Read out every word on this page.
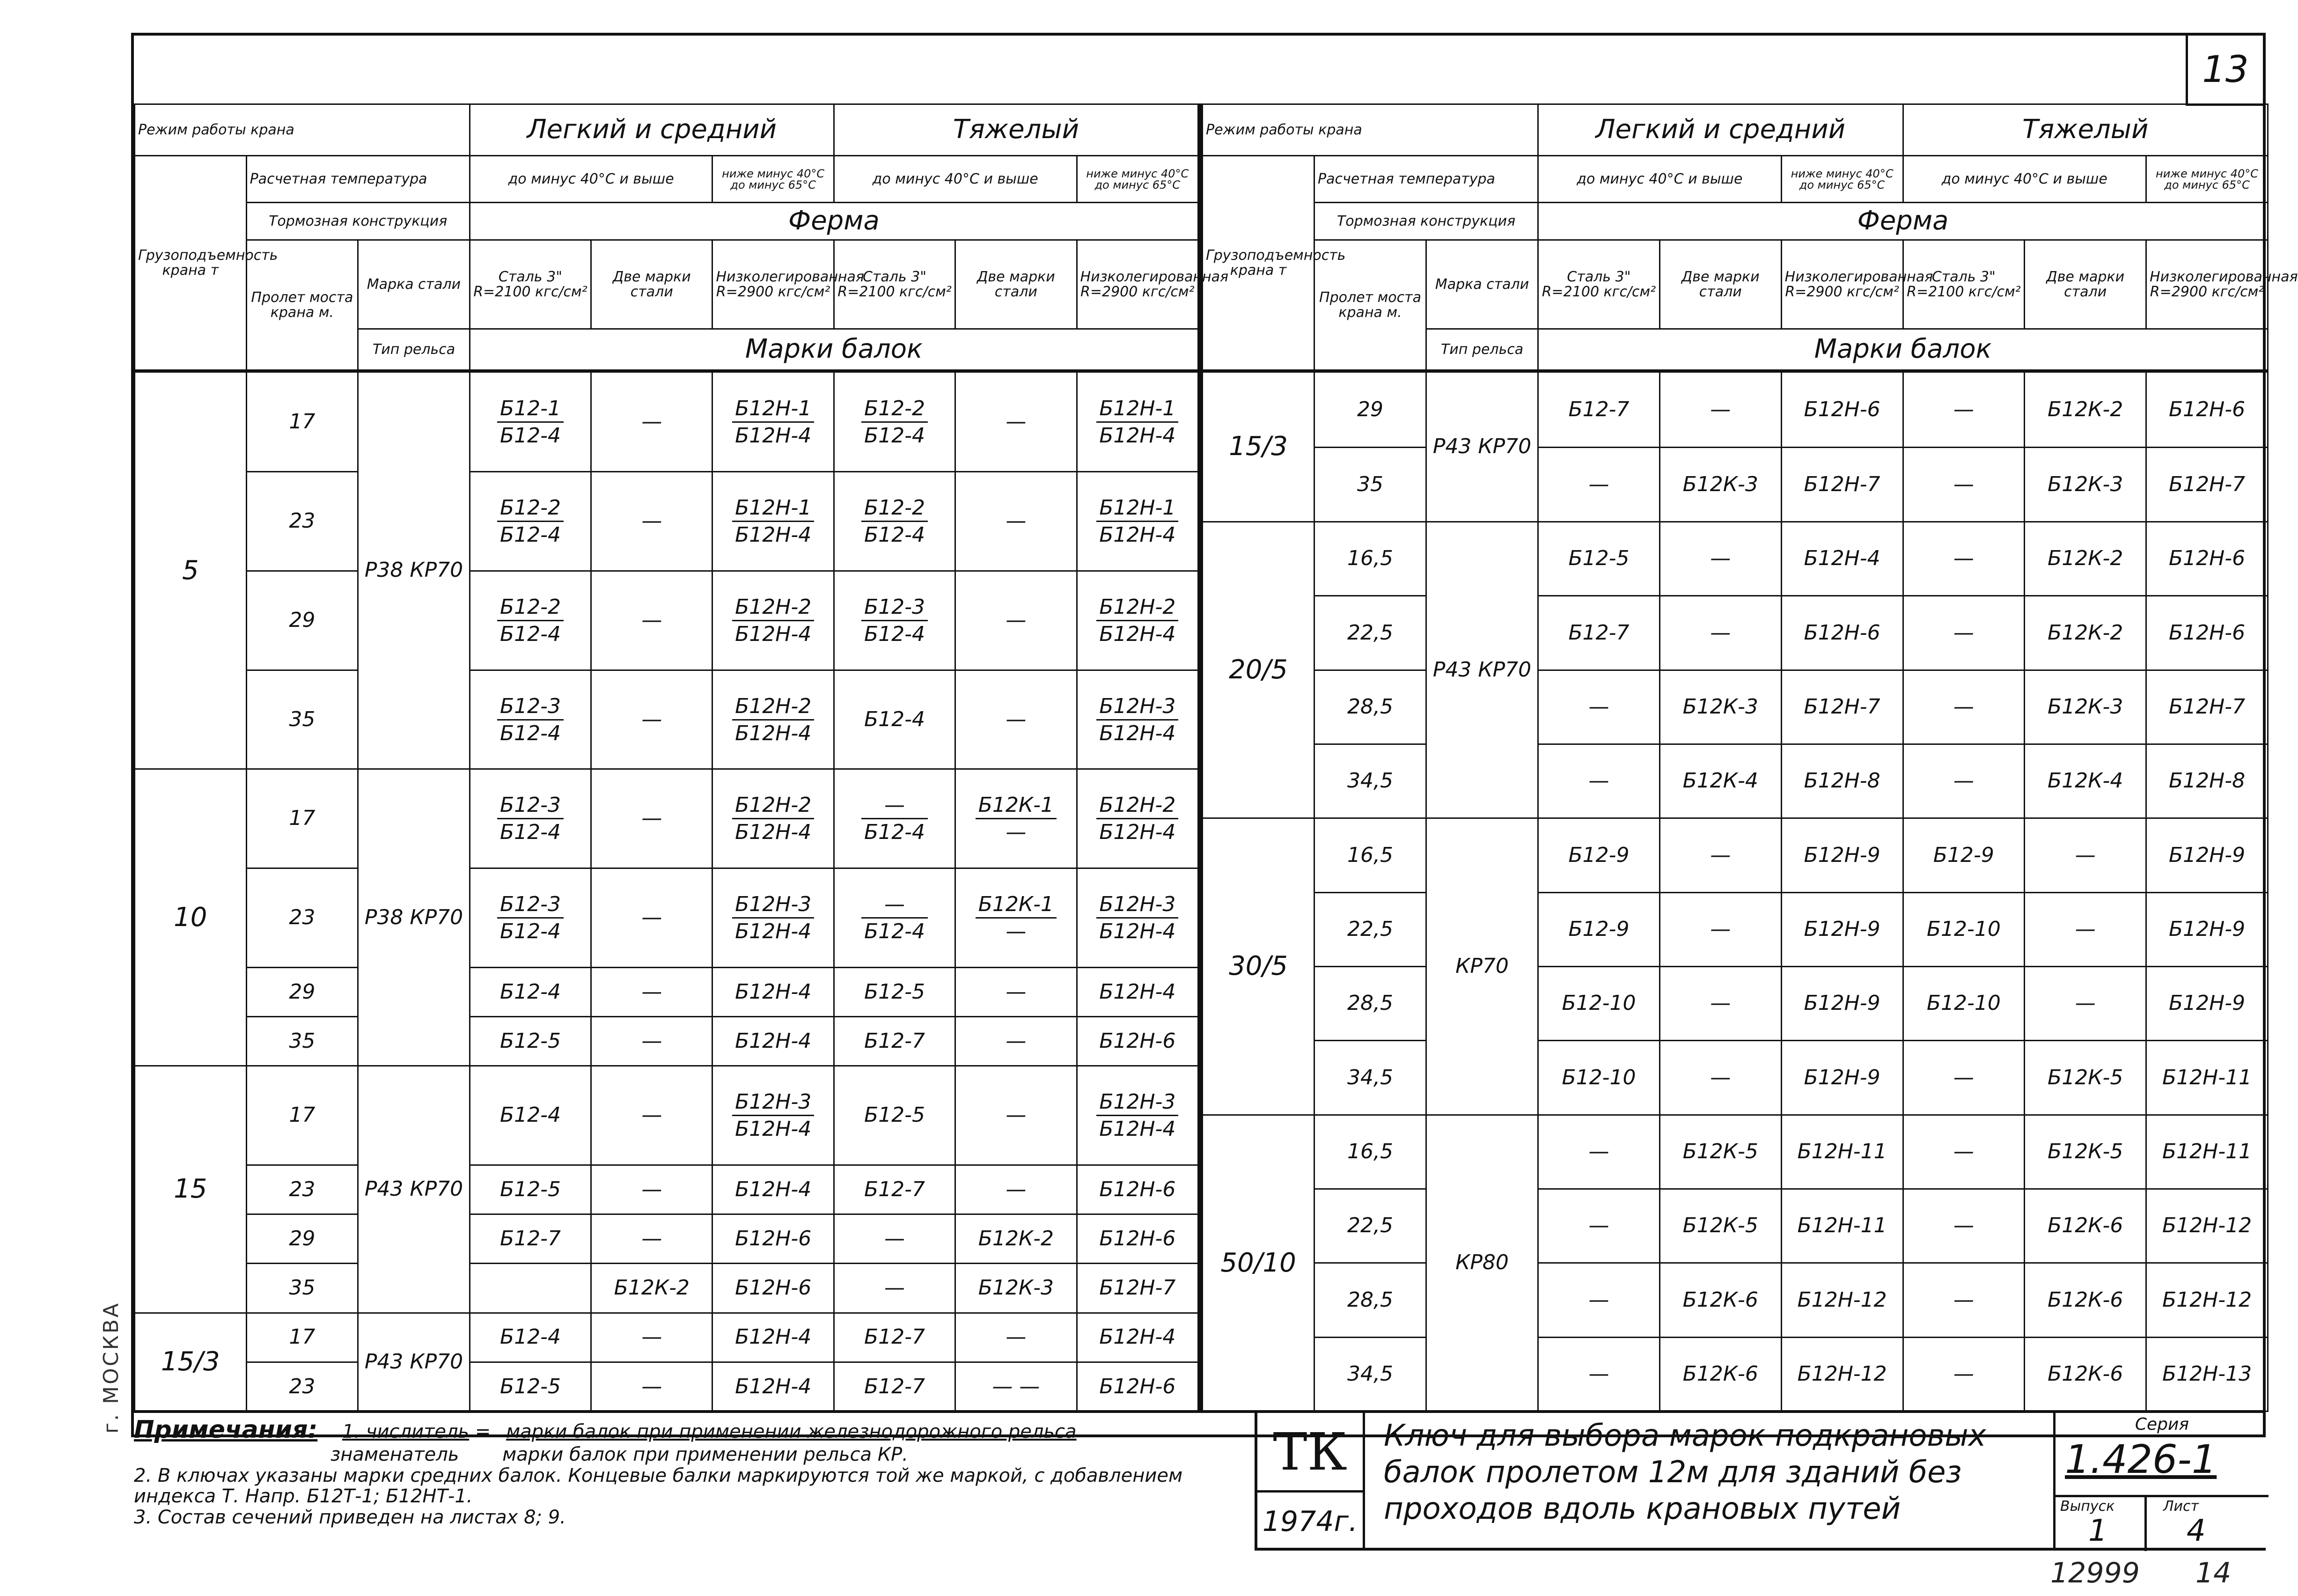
г. МОСКВА
13
Режим работы крана			Легкий и средний			Тяжелый		
Грузоподъемность крана т	Расчетная температура		до минус 40°С и выше		ниже минус 40°С до минус 65°С	до минус 40°С и выше		ниже минус 40°С до минус 65°С
	Тормозная конструкция		Ферма					
	Пролет моста крана м.	Марка стали	Сталь 3" R=2100 кгс/см²	Две марки стали	Низколегированная R=2900 кгс/см²	Сталь 3" R=2100 кгс/см²	Две марки стали	Низколегированная R=2900 кгс/см²
		Тип рельса	Марки балок					
5	17	Р38 КР70	$\frac{Б12-1}{Б12-4}$	—	$\frac{Б12Н-1}{Б12Н-4}$	$\frac{Б12-2}{Б12-4}$	—	$\frac{Б12Н-1}{Б12Н-4}$

	23		$\frac{Б12-2}{Б12-4}$	—	$\frac{Б12Н-1}{Б12Н-4}$	$\frac{Б12-2}{Б12-4}$	—	$\frac{Б12Н-1}{Б12Н-4}$

	29		$\frac{Б12-2}{Б12-4}$	—	$\frac{Б12Н-2}{Б12Н-4}$	$\frac{Б12-3}{Б12-4}$	—	$\frac{Б12Н-2}{Б12Н-4}$

	35		$\frac{Б12-3}{Б12-4}$	—	$\frac{Б12Н-2}{Б12Н-4}$	Б12-4	—	$\frac{Б12Н-3}{Б12Н-4}$

10	17	Р38 КР70	$\frac{Б12-3}{Б12-4}$	—	$\frac{Б12Н-2}{Б12Н-4}$	$\frac{—}{Б12-4}$	$\frac{Б12К-1}{—}$	$\frac{Б12Н-2}{Б12Н-4}$

	23		$\frac{Б12-3}{Б12-4}$	—	$\frac{Б12Н-3}{Б12Н-4}$	$\frac{—}{Б12-4}$	$\frac{Б12К-1}{—}$	$\frac{Б12Н-3}{Б12Н-4}$

	29		Б12-4	—	Б12Н-4	Б12-5	—	Б12Н-4
	35		Б12-5	—	Б12Н-4	Б12-7	—	Б12Н-6
15	17	Р43 КР70	Б12-4	—	$\frac{Б12Н-3}{Б12Н-4}$	Б12-5	—	$\frac{Б12Н-3}{Б12Н-4}$

	23		Б12-5	—	Б12Н-4	Б12-7	—	Б12Н-6
	29		Б12-7	—	Б12Н-6	—	Б12К-2	Б12Н-6
	35			Б12К-2	Б12Н-6	—	Б12К-3	Б12Н-7
15/3	17	Р43 КР70	Б12-4	—	Б12Н-4	Б12-7	—	Б12Н-4
	23		Б12-5	—	Б12Н-4	Б12-7	— —	Б12Н-6
Режим работы крана			Легкий и средний			Тяжелый		
Грузоподъемность крана т	Расчетная температура		до минус 40°С и выше		ниже минус 40°С до минус 65°С	до минус 40°С и выше		ниже минус 40°С до минус 65°С
	Тормозная конструкция		Ферма					
	Пролет моста крана м.	Марка стали	Сталь 3" R=2100 кгс/см²	Две марки стали	Низколегированная R=2900 кгс/см²	Сталь 3" R=2100 кгс/см²	Две марки стали	Низколегированная R=2900 кгс/см²
		Тип рельса	Марки балок					
15/3	29	Р43 КР70	Б12-7	—	Б12Н-6	—	Б12К-2	Б12Н-6
	35		—	Б12К-3	Б12Н-7	—	Б12К-3	Б12Н-7
20/5	16,5	Р43 КР70	Б12-5	—	Б12Н-4	—	Б12К-2	Б12Н-6
	22,5		Б12-7	—	Б12Н-6	—	Б12К-2	Б12Н-6
	28,5		—	Б12К-3	Б12Н-7	—	Б12К-3	Б12Н-7
	34,5		—	Б12К-4	Б12Н-8	—	Б12К-4	Б12Н-8
30/5	16,5	КР70	Б12-9	—	Б12Н-9	Б12-9	—	Б12Н-9
	22,5		Б12-9	—	Б12Н-9	Б12-10	—	Б12Н-9
	28,5		Б12-10	—	Б12Н-9	Б12-10	—	Б12Н-9
	34,5		Б12-10	—	Б12Н-9	—	Б12К-5	Б12Н-11
50/10	16,5	КР80	—	Б12К-5	Б12Н-11	—	Б12К-5	Б12Н-11
	22,5		—	Б12К-5	Б12Н-11	—	Б12К-6	Б12Н-12
	28,5		—	Б12К-6	Б12Н-12	—	Б12К-6	Б12Н-12
	34,5		—	Б12К-6	Б12Н-12	—	Б12К-6	Б12Н-13
Примечания: 1. числитель = марки балок при применении железнодорожного рельса
знаменатель марки балок при применении рельса КР.
2. В ключах указаны марки средних балок. Концевые балки маркируются той же маркой, с добавлением индекса Т. Напр. Б12Т-1; Б12НТ-1.
3. Состав сечений приведен на листах 8; 9.
ТК
1974г.
Ключ для выбора марок подкрановых балок пролетом 12м для зданий без проходов вдоль крановых путей
Серия
1.426-1
Выпуск
1
Лист
4
12999 14
